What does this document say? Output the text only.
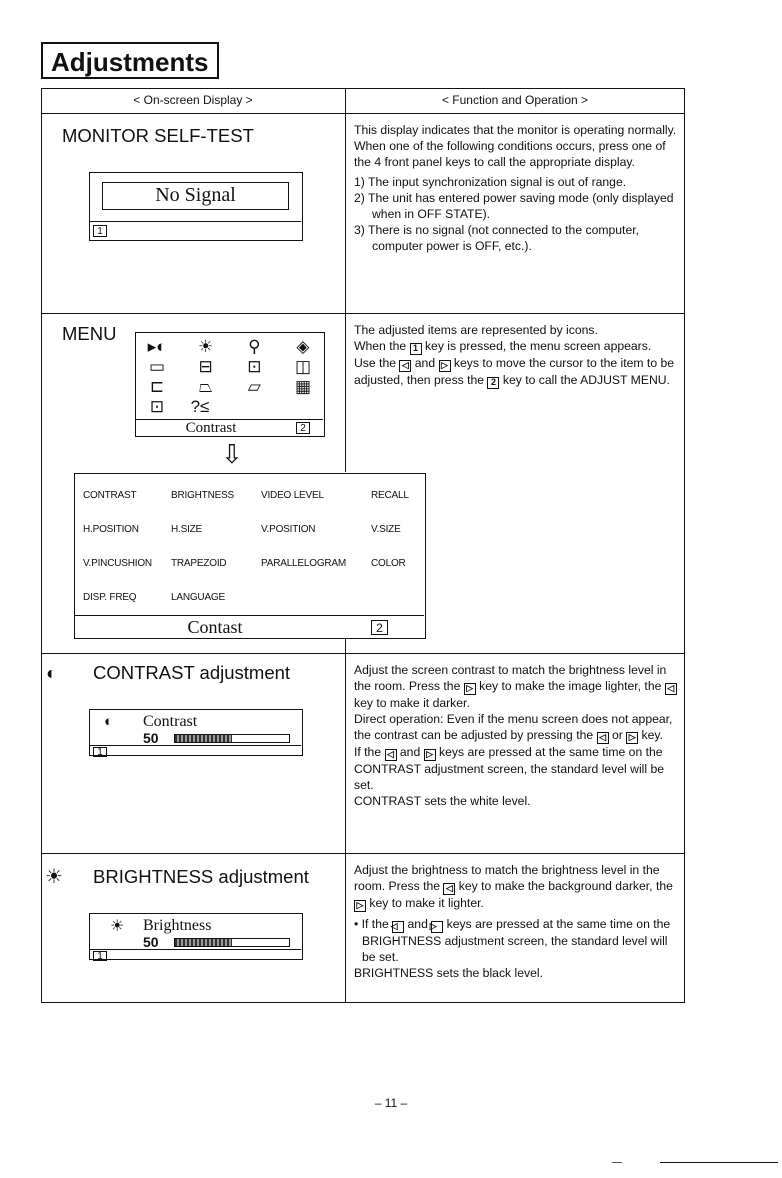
Adjustments
< On-screen Display >	< Function and Operation >
MONITOR SELF-TEST
No Signal
1

This display indicates that the monitor is operating normally. When one of the following conditions occurs, press one of the 4 front panel keys to call the appropriate display.

1) The input synchronization signal is out of range.
2) The unit has entered power saving mode (only displayed when in OFF STATE).
3) There is no signal (not connected to the computer, computer power is OFF, etc.).
MENU
▸◐	☀	⚲	◈
▭	⊟	⊡	◫
⊏	⏢	▱	▦
⊡	?≤
Contrast	2
⇩

The adjusted items are represented by icons.

When the 1 key is pressed, the menu screen appears.

Use the ◁ and ▷ keys to move the cursor to the item to be adjusted, then press the 2 key to call the ADJUST MENU.

CONTRAST	BRIGHTNESS	VIDEO LEVEL	RECALL
H.POSITION	H.SIZE	V.POSITION	V.SIZE
V.PINCUSHION	TRAPEZOID	PARALLELOGRAM	COLOR
DISP. FREQ	LANGUAGE
Contast	2
◐ CONTRAST adjustment
◐ Contrast
50
1

Adjust the screen contrast to match the brightness level in the room. Press the ▷ key to make the image lighter, the ◁ key to make it darker.

Direct operation: Even if the menu screen does not appear, the contrast can be adjusted by pressing the ◁ or ▷ key.

If the ◁ and ▷ keys are pressed at the same time on the CONTRAST adjustment screen, the standard level will be set.

CONTRAST sets the white level.

☀ BRIGHTNESS adjustment
☀ Brightness
50
1

Adjust the brightness to match the brightness level in the room. Press the ◁ key to make the background darker, the ▷ key to make it lighter.

• If the ◁ and ▷ keys are pressed at the same time on the BRIGHTNESS adjustment screen, the standard level will be set.

BRIGHTNESS sets the black level.

– 11 –
